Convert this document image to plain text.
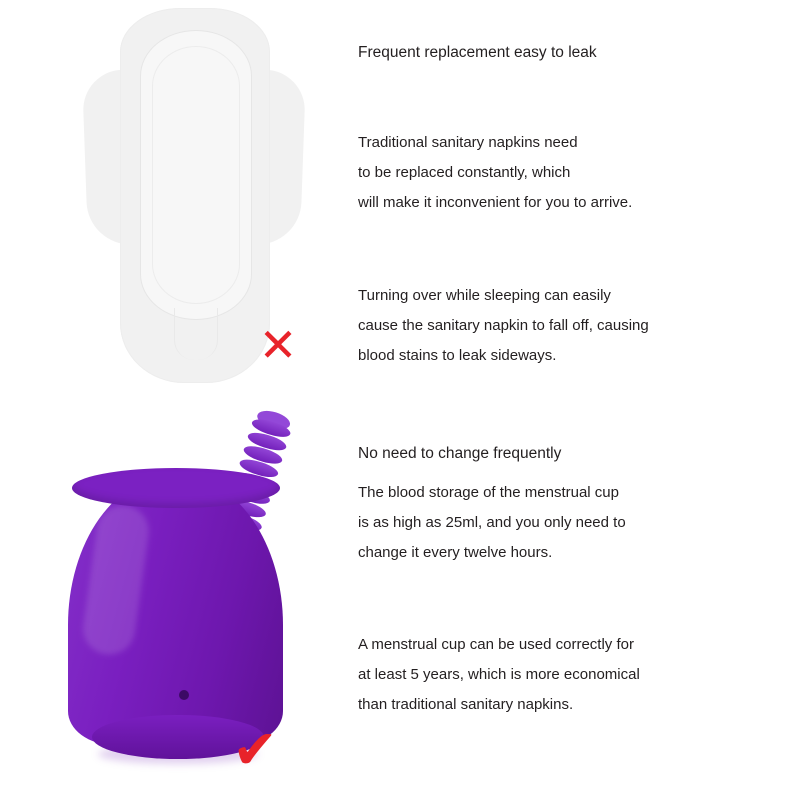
✕
✔
Frequent replacement easy to leak
Traditional sanitary napkins need
to be replaced constantly, which
will make it inconvenient for you to arrive.
Turning over while sleeping can easily
cause the sanitary napkin to fall off, causing
blood stains to leak sideways.
No need to change frequently
The blood storage of the menstrual cup
is as high as 25ml, and you only need to
change it every twelve hours.
A menstrual cup can be used correctly for
at least 5 years, which is more economical
than traditional sanitary napkins.
